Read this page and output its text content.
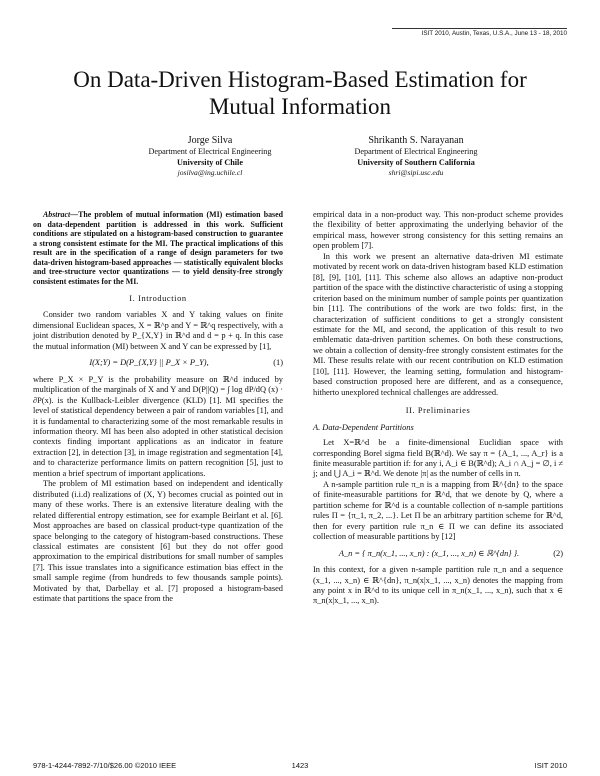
ISIT 2010, Austin, Texas, U.S.A., June 13 - 18, 2010
On Data-Driven Histogram-Based Estimation for Mutual Information
Jorge Silva
Department of Electrical Engineering
University of Chile
josilva@ing.uchile.cl
Shrikanth S. Narayanan
Department of Electrical Engineering
University of Southern California
shri@sipi.usc.edu

Abstract—The problem of mutual information (MI) estimation based on data-dependent partition is addressed in this work. Sufficient conditions are stipulated on a histogram-based construction to guarantee a strong consistent estimate for the MI. The practical implications of this result are in the specification of a range of design parameters for two data-driven histogram-based approaches — statistically equivalent blocks and tree-structure vector quantizations — to yield density-free strongly consistent estimates for the MI.

I. Introduction

Consider two random variables X and Y taking values on finite dimensional Euclidean spaces, X = ℝ^p and Y = ℝ^q respectively, with a joint distribution denoted by P_{X,Y} in ℝ^d and d = p + q. In this case the mutual information (MI) between X and Y can be expressed by [1],

I(X;Y) = D(P_{X,Y} || P_X × P_Y),	(1)

where P_X × P_Y is the probability measure on ℝ^d induced by multiplication of the marginals of X and Y and D(P||Q) = ∫ log dP/dQ (x) · ∂P(x). is the Kullback-Leibler divergence (KLD) [1]. MI specifies the level of statistical dependency between a pair of random variables [1], and it is fundamental to characterizing some of the most remarkable results in information theory. MI has been also adopted in other statistical decision contexts finding important applications as an indicator in feature extraction [2], in detection [3], in image registration and segmentation [4], and to characterize performance limits on pattern recognition [5], just to mention a brief spectrum of important applications.

The problem of MI estimation based on independent and identically distributed (i.i.d) realizations of (X, Y) becomes crucial as pointed out in many of these works. There is an extensive literature dealing with the related differential entropy estimation, see for example Beirlant et al. [6]. Most approaches are based on classical product-type quantization of the space belonging to the category of histogram-based constructions. These classical estimates are consistent [6] but they do not offer good approximation to the empirical distributions for small number of samples [7]. This issue translates into a significance estimation bias effect in the small sample regime (from hundreds to few thousands sample points). Motivated by that, Darbellay et al. [7] proposed a histogram-based estimate that partitions the space from the

empirical data in a non-product way. This non-product scheme provides the flexibility of better approximating the underlying behavior of the empirical mass, however strong consistency for this setting remains an open problem [7].

In this work we present an alternative data-driven MI estimate motivated by recent work on data-driven histogram based KLD estimation [8], [9], [10], [11]. This scheme also allows an adaptive non-product partition of the space with the distinctive characteristic of using a stopping criterion based on the minimum number of sample points per quantization bin [11]. The contributions of the work are two folds: first, in the characterization of sufficient conditions to get a strongly consistent estimate for the MI, and second, the application of this result to two emblematic data-driven partition schemes. On both these constructions, we obtain a collection of density-free strongly consistent estimates for the MI. These results relate with our recent contribution on KLD estimation [10], [11]. However, the learning setting, formulation and histogram-based construction proposed here are different, and as a consequence, hitherto unexplored technical challenges are addressed.

II. Preliminaries
A. Data-Dependent Partitions

Let X=ℝ^d be a finite-dimensional Euclidian space with corresponding Borel sigma field B(ℝ^d). We say π = {A_1, ..., A_r} is a finite measurable partition if: for any i, A_i ∈ B(ℝ^d); A_i ∩ A_j = ∅, i ≠ j; and ⋃ A_i = ℝ^d. We denote |π| as the number of cells in π.

A n-sample partition rule π_n is a mapping from ℝ^{dn} to the space of finite-measurable partitions for ℝ^d, that we denote by Q, where a partition scheme for ℝ^d is a countable collection of n-sample partitions rules Π = {π_1, π_2, ...}. Let Π be an arbitrary partition scheme for ℝ^d, then for every partition rule π_n ∈ Π we can define its associated collection of measurable partitions by [12]

A_n = { π_n(x_1, ..., x_n) : (x_1, ..., x_n) ∈ ℝ^{dn} }.	(2)

In this context, for a given n-sample partition rule π_n and a sequence (x_1, ..., x_n) ∈ ℝ^{dn}, π_n(x|x_1, ..., x_n) denotes the mapping from any point x in ℝ^d to its unique cell in π_n(x_1, ..., x_n), such that x ∈ π_n(x|x_1, ..., x_n).

978-1-4244-7892-7/10/$26.00 ©2010 IEEE	1423	ISIT 2010
